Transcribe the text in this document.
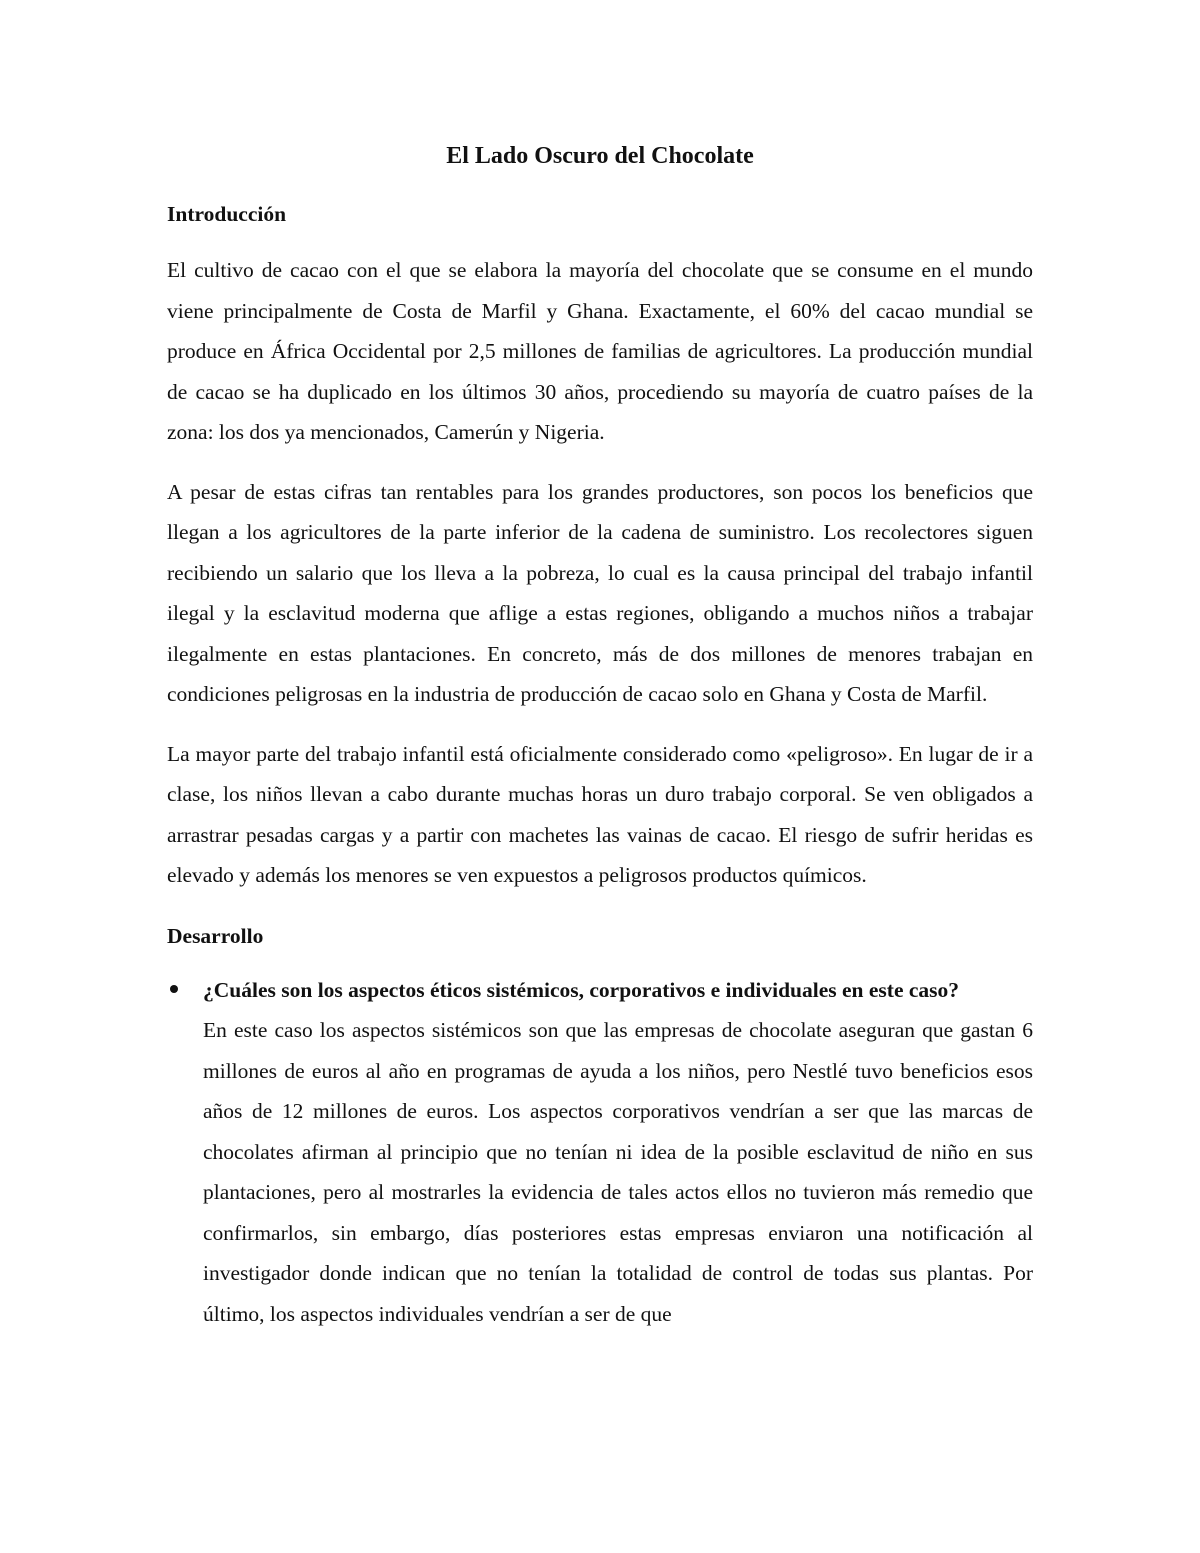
El Lado Oscuro del Chocolate
Introducción

El cultivo de cacao con el que se elabora la mayoría del chocolate que se consume en el mundo viene principalmente de Costa de Marfil y Ghana. Exactamente, el 60% del cacao mundial se produce en África Occidental por 2,5 millones de familias de agricultores. La producción mundial de cacao se ha duplicado en los últimos 30 años, procediendo su mayoría de cuatro países de la zona: los dos ya mencionados, Camerún y Nigeria.

A pesar de estas cifras tan rentables para los grandes productores, son pocos los beneficios que llegan a los agricultores de la parte inferior de la cadena de suministro. Los recolectores siguen recibiendo un salario que los lleva a la pobreza, lo cual es la causa principal del trabajo infantil ilegal y la esclavitud moderna que aflige a estas regiones, obligando a muchos niños a trabajar ilegalmente en estas plantaciones. En concreto, más de dos millones de menores trabajan en condiciones peligrosas en la industria de producción de cacao solo en Ghana y Costa de Marfil.

La mayor parte del trabajo infantil está oficialmente considerado como «peligroso». En lugar de ir a clase, los niños llevan a cabo durante muchas horas un duro trabajo corporal. Se ven obligados a arrastrar pesadas cargas y a partir con machetes las vainas de cacao. El riesgo de sufrir heridas es elevado y además los menores se ven expuestos a peligrosos productos químicos.

Desarrollo
¿Cuáles son los aspectos éticos sistémicos, corporativos e individuales en este caso?
En este caso los aspectos sistémicos son que las empresas de chocolate aseguran que gastan 6 millones de euros al año en programas de ayuda a los niños, pero Nestlé tuvo beneficios esos años de 12 millones de euros. Los aspectos corporativos vendrían a ser que las marcas de chocolates afirman al principio que no tenían ni idea de la posible esclavitud de niño en sus plantaciones, pero al mostrarles la evidencia de tales actos ellos no tuvieron más remedio que confirmarlos, sin embargo, días posteriores estas empresas enviaron una notificación al investigador donde indican que no tenían la totalidad de control de todas sus plantas. Por último, los aspectos individuales vendrían a ser de que
